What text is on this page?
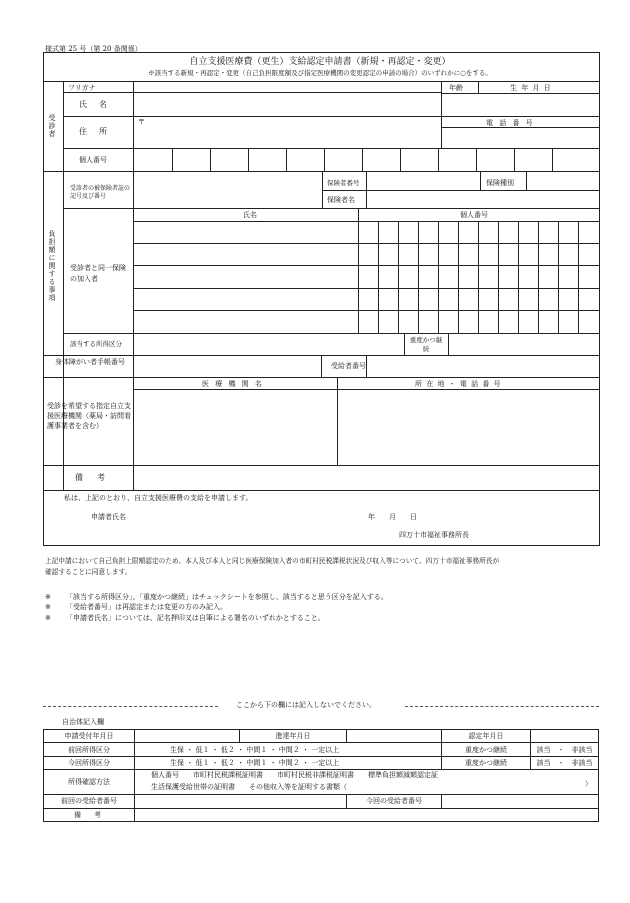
様式第 25 号（第 20 条関係）
自立支援医療費（更生）支給認定申請書（新規・再認定・変更）
※該当する新規・再認定・変更（自己負担限度額及び指定医療機関の変更認定の申請の場合）のいずれかに○をする。
受診者
フリガナ	年齢	生 年 月 日
氏　名
〒
住　所
電 話 番 号
個人番号
負担額に関する事項
受診者の被保険者証の記号及び番号
保険者番号	保険種別
保険者名
氏名	個人番号
受診者と同一保険の加入者
該当する所得区分	重度かつ継続
身体障がい者手帳番号	受給者番号
受診を希望する指定自立支援医療機関（薬局・訪問看護事業者を含む）
医 療 機 関 名	所 在 地 ・ 電 話 番 号
備　考
私は、上記のとおり、自立支援医療費の支給を申請します。
申請者氏名	年　　月　　日
四万十市福祉事務所長
上記申請において自己負担上限額認定のため、本人及び本人と同じ医療保険加入者の市町村民税課税状況及び収入等について、四万十市福祉事務所長が
確認することに同意します。
※ 「該当する所得区分」、「重度かつ継続」はチェックシートを参照し、該当すると思う区分を記入する。
※ 「受給者番号」は再認定または変更の方のみ記入。
※ 「申請者氏名」については、記名押印又は自筆による署名のいずれかとすること。
ここから下の欄には記入しないでください。
自治体記入欄
申請受付年月日		進達年月日		認定年月日	
前回所得区分	生保 ・ 低１ ・ 低２ ・ 中間１ ・ 中間２ ・ 一定以上			重度かつ継続	該当　・　非該当
今回所得区分	生保 ・ 低１ ・ 低２ ・ 中間１ ・ 中間２ ・ 一定以上			重度かつ継続	該当　・　非該当
所得確認方法	個人番号　　市町村民税課税証明書　　市町村民税非課税証明書　　標準負担額減額認定証
生活保護受給世帯の証明書　　その他収入等を証明する書類（ ）				

前回の受給者番号			今回の受給者番号		
備　考					
